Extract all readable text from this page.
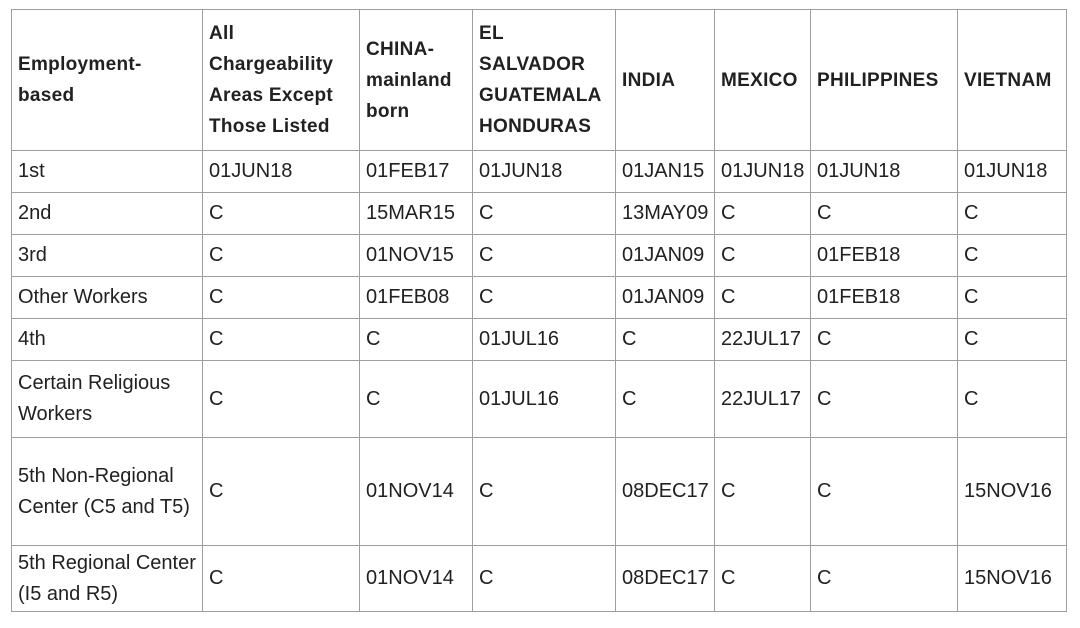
Employment-based	All Chargeability Areas Except Those Listed	CHINA-mainland born	EL SALVADOR GUATEMALA HONDURAS	INDIA	MEXICO	PHILIPPINES	VIETNAM
1st	01JUN18	01FEB17	01JUN18	01JAN15	01JUN18	01JUN18	01JUN18
2nd	C	15MAR15	C	13MAY09	C	C	C
3rd	C	01NOV15	C	01JAN09	C	01FEB18	C
Other Workers	C	01FEB08	C	01JAN09	C	01FEB18	C
4th	C	C	01JUL16	C	22JUL17	C	C
Certain Religious Workers	C	C	01JUL16	C	22JUL17	C	C
5th Non-Regional Center (C5 and T5)	C	01NOV14	C	08DEC17	C	C	15NOV16
5th Regional Center (I5 and R5)	C	01NOV14	C	08DEC17	C	C	15NOV16
